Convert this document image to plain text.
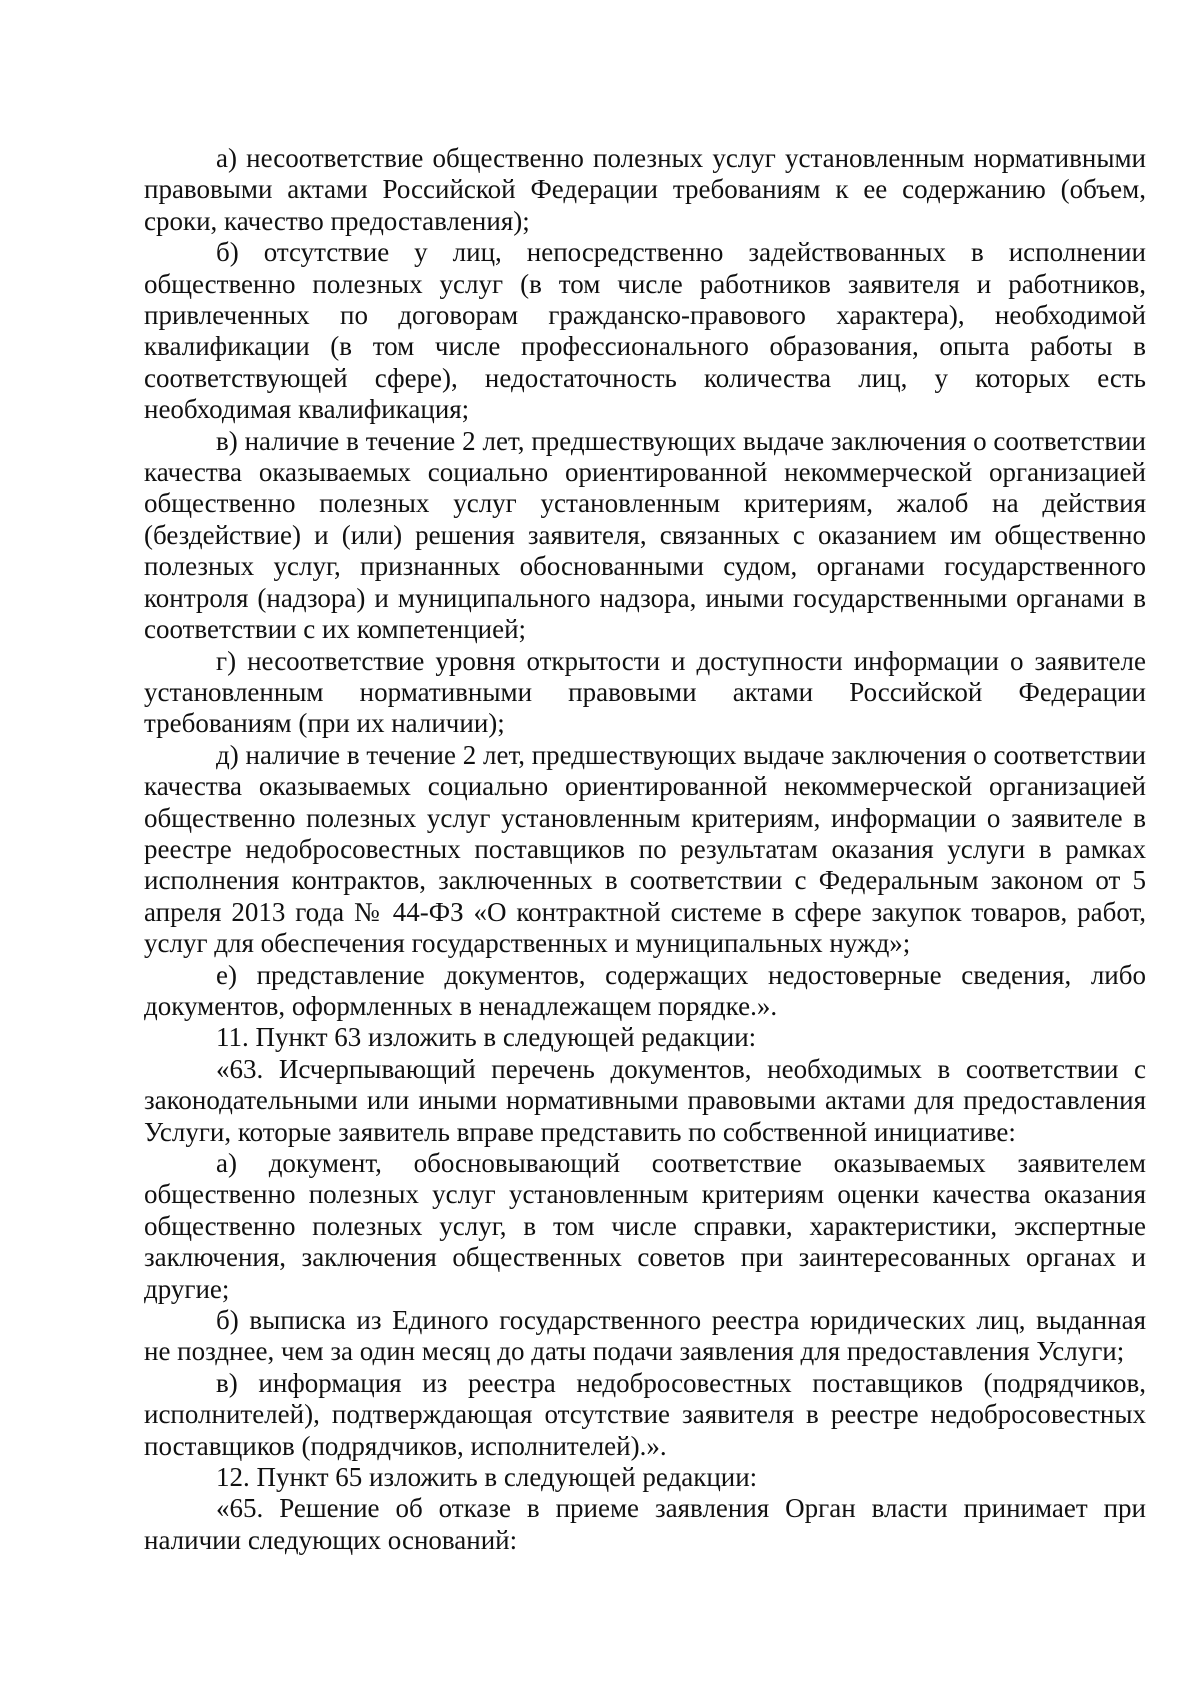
а) несоответствие общественно полезных услуг установленным нормативными правовыми актами Российской Федерации требованиям к ее содержанию (объем, сроки, качество предоставления);

б) отсутствие у лиц, непосредственно задействованных в исполнении общественно полезных услуг (в том числе работников заявителя и работников, привлеченных по договорам гражданско-правового характера), необходимой квалификации (в том числе профессионального образования, опыта работы в соответствующей сфере), недостаточность количества лиц, у которых есть необходимая квалификация;

в) наличие в течение 2 лет, предшествующих выдаче заключения о соответствии качества оказываемых социально ориентированной некоммерческой организацией общественно полезных услуг установленным критериям, жалоб на действия (бездействие) и (или) решения заявителя, связанных с оказанием им общественно полезных услуг, признанных обоснованными судом, органами государственного контроля (надзора) и муниципального надзора, иными государственными органами в соответствии с их компетенцией;

г) несоответствие уровня открытости и доступности информации о заявителе установленным нормативными правовыми актами Российской Федерации требованиям (при их наличии);

д) наличие в течение 2 лет, предшествующих выдаче заключения о соответствии качества оказываемых социально ориентированной некоммерческой организацией общественно полезных услуг установленным критериям, информации о заявителе в реестре недобросовестных поставщиков по результатам оказания услуги в рамках исполнения контрактов, заключенных в соответствии с Федеральным законом от 5 апреля 2013 года № 44-ФЗ «О контрактной системе в сфере закупок товаров, работ, услуг для обеспечения государственных и муниципальных нужд»;

е) представление документов, содержащих недостоверные сведения, либо документов, оформленных в ненадлежащем порядке.».

11. Пункт 63 изложить в следующей редакции:

«63. Исчерпывающий перечень документов, необходимых в соответствии с законодательными или иными нормативными правовыми актами для предоставления Услуги, которые заявитель вправе представить по собственной инициативе:

а) документ, обосновывающий соответствие оказываемых заявителем общественно полезных услуг установленным критериям оценки качества оказания общественно полезных услуг, в том числе справки, характеристики, экспертные заключения, заключения общественных советов при заинтересованных органах и другие;

б) выписка из Единого государственного реестра юридических лиц, выданная не позднее, чем за один месяц до даты подачи заявления для предоставления Услуги;

в) информация из реестра недобросовестных поставщиков (подрядчиков, исполнителей), подтверждающая отсутствие заявителя в реестре недобросовестных поставщиков (подрядчиков, исполнителей).».

12. Пункт 65 изложить в следующей редакции:

«65. Решение об отказе в приеме заявления Орган власти принимает при наличии следующих оснований:
